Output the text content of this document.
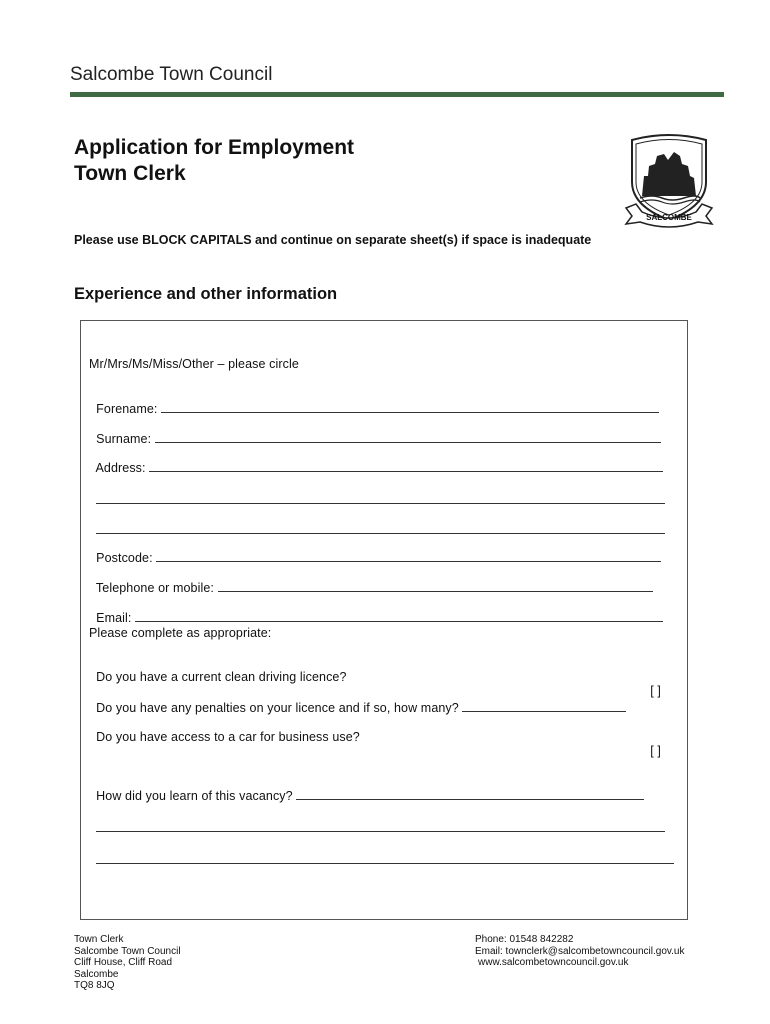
Salcombe Town Council
Application for Employment
Town Clerk
SALCOMBE
Please use BLOCK CAPITALS and continue on separate sheet(s) if space is inadequate
Experience and other information
Mr/Mrs/Ms/Miss/Other – please circle

Forename:

Surname:

Address:

Postcode:

Telephone or mobile:

Email:

Please complete as appropriate:

Do you have a current clean driving licence?

[ ]

Do you have any penalties on your licence and if so, how many?

Do you have access to a car for business use?

[ ]

How did you learn of this vacancy?

Town Clerk
Salcombe Town Council
Cliff House, Cliff Road
Salcombe
TQ8 8JQ
Phone: 01548 842282
Email: townclerk@salcombetowncouncil.gov.uk
www.salcombetowncouncil.gov.uk
